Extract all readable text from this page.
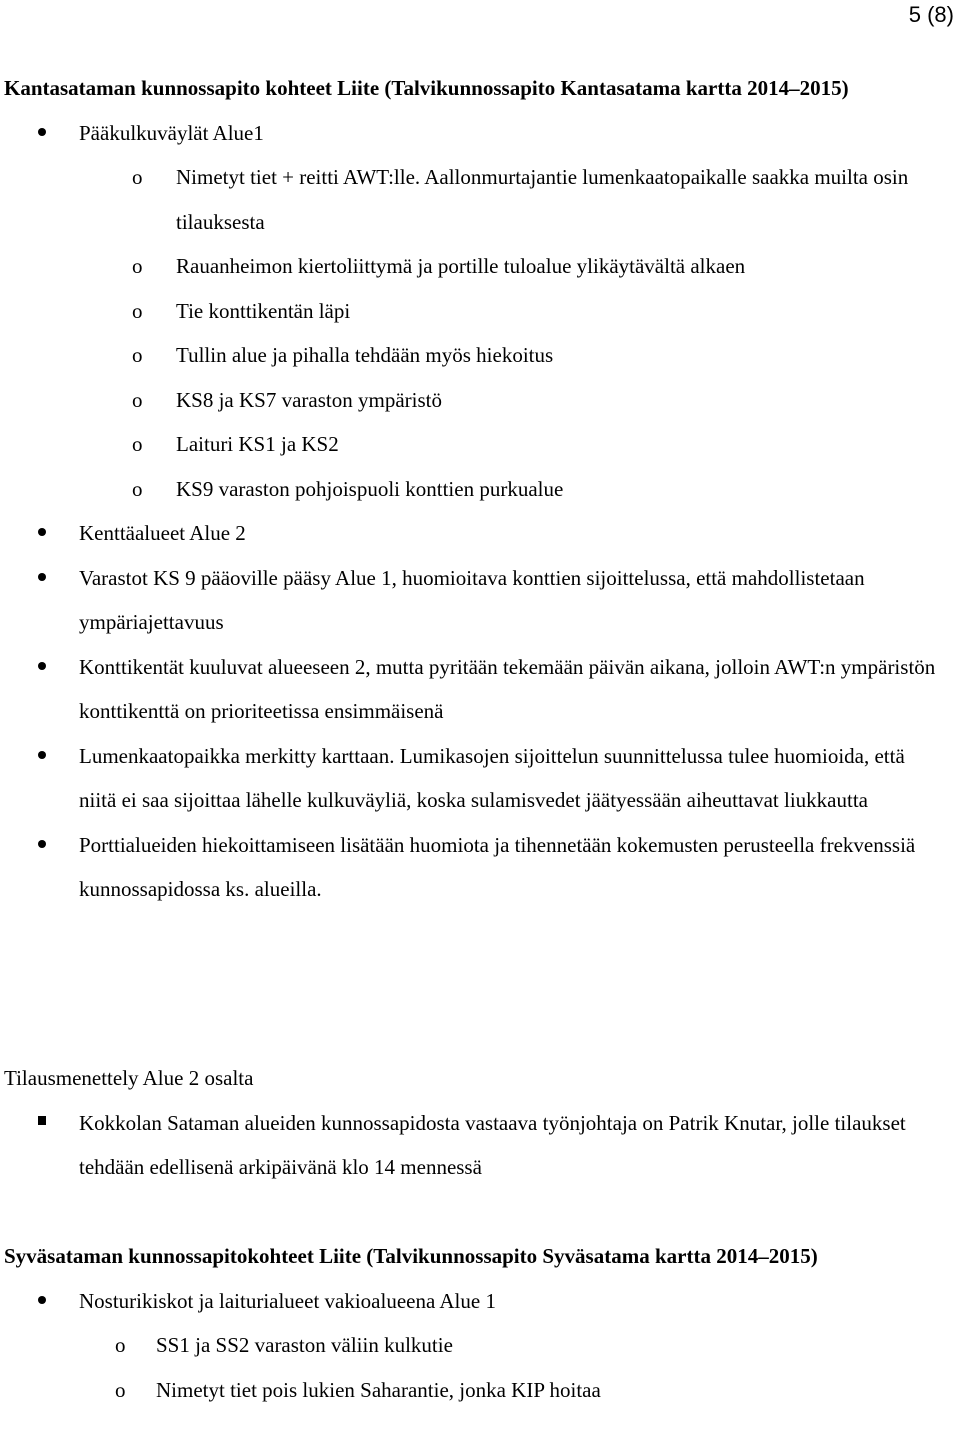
5 (8)
Kantasataman kunnossapito kohteet Liite (Talvikunnossapito Kantasatama kartta 2014–2015)
Pääkulkuväylät Alue1
o Nimetyt tiet + reitti AWT:lle. Aallonmurtajantie lumenkaatopaikalle saakka muilta osin tilauksesta
o Rauanheimon kiertoliittymä ja portille tuloalue ylikäytävältä alkaen
o Tie konttikentän läpi
o Tullin alue ja pihalla tehdään myös hiekoitus
o KS8 ja KS7 varaston ympäristö
o Laituri KS1 ja KS2
o KS9 varaston pohjoispuoli konttien purkualue
Kenttäalueet Alue 2
Varastot KS 9 pääoville pääsy Alue 1, huomioitava konttien sijoittelussa, että mahdollistetaan ympäriajettavuus
Konttikentät kuuluvat alueeseen 2, mutta pyritään tekemään päivän aikana, jolloin AWT:n ympäristön konttikenttä on prioriteetissa ensimmäisenä
Lumenkaatopaikka merkitty karttaan. Lumikasojen sijoittelun suunnittelussa tulee huomioida, että niitä ei saa sijoittaa lähelle kulkuväyliä, koska sulamisvedet jäätyessään aiheuttavat liukkautta
Porttialueiden hiekoittamiseen lisätään huomiota ja tihennetään kokemusten perusteella frekvenssiä kunnossapidossa ks. alueilla.
Tilausmenettely Alue 2 osalta
Kokkolan Sataman alueiden kunnossapidosta vastaava työnjohtaja on Patrik Knutar, jolle tilaukset tehdään edellisenä arkipäivänä klo 14 mennessä
Syväsataman kunnossapitokohteet Liite (Talvikunnossapito Syväsatama kartta 2014–2015)
Nosturikiskot ja laiturialueet vakioalueena Alue 1
o SS1 ja SS2 varaston väliin kulkutie
o Nimetyt tiet pois lukien Saharantie, jonka KIP hoitaa
